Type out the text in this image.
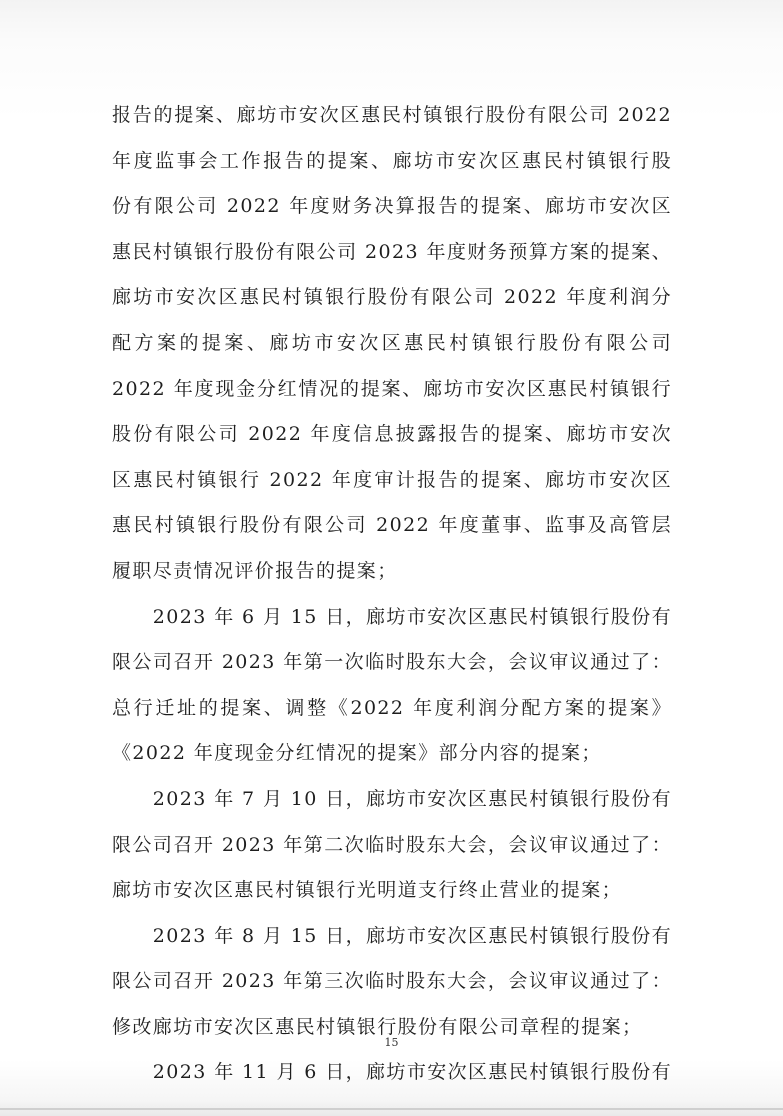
报告的提案、廊坊市安次区惠民村镇银行股份有限公司 2022
年度监事会工作报告的提案、廊坊市安次区惠民村镇银行股
份有限公司 2022 年度财务决算报告的提案、廊坊市安次区
惠民村镇银行股份有限公司 2023 年度财务预算方案的提案、
廊坊市安次区惠民村镇银行股份有限公司 2022 年度利润分
配方案的提案、廊坊市安次区惠民村镇银行股份有限公司
2022 年度现金分红情况的提案、廊坊市安次区惠民村镇银行
股份有限公司 2022 年度信息披露报告的提案、廊坊市安次
区惠民村镇银行 2022 年度审计报告的提案、廊坊市安次区
惠民村镇银行股份有限公司 2022 年度董事、监事及高管层
履职尽责情况评价报告的提案；
　　2023 年 6 月 15 日，廊坊市安次区惠民村镇银行股份有
限公司召开 2023 年第一次临时股东大会，会议审议通过了：
总行迁址的提案、调整《2022 年度利润分配方案的提案》
《2022 年度现金分红情况的提案》部分内容的提案；
　　2023 年 7 月 10 日，廊坊市安次区惠民村镇银行股份有
限公司召开 2023 年第二次临时股东大会，会议审议通过了：
廊坊市安次区惠民村镇银行光明道支行终止营业的提案；
　　2023 年 8 月 15 日，廊坊市安次区惠民村镇银行股份有
限公司召开 2023 年第三次临时股东大会，会议审议通过了：
修改廊坊市安次区惠民村镇银行股份有限公司章程的提案；
　　2023 年 11 月 6 日，廊坊市安次区惠民村镇银行股份有
15
